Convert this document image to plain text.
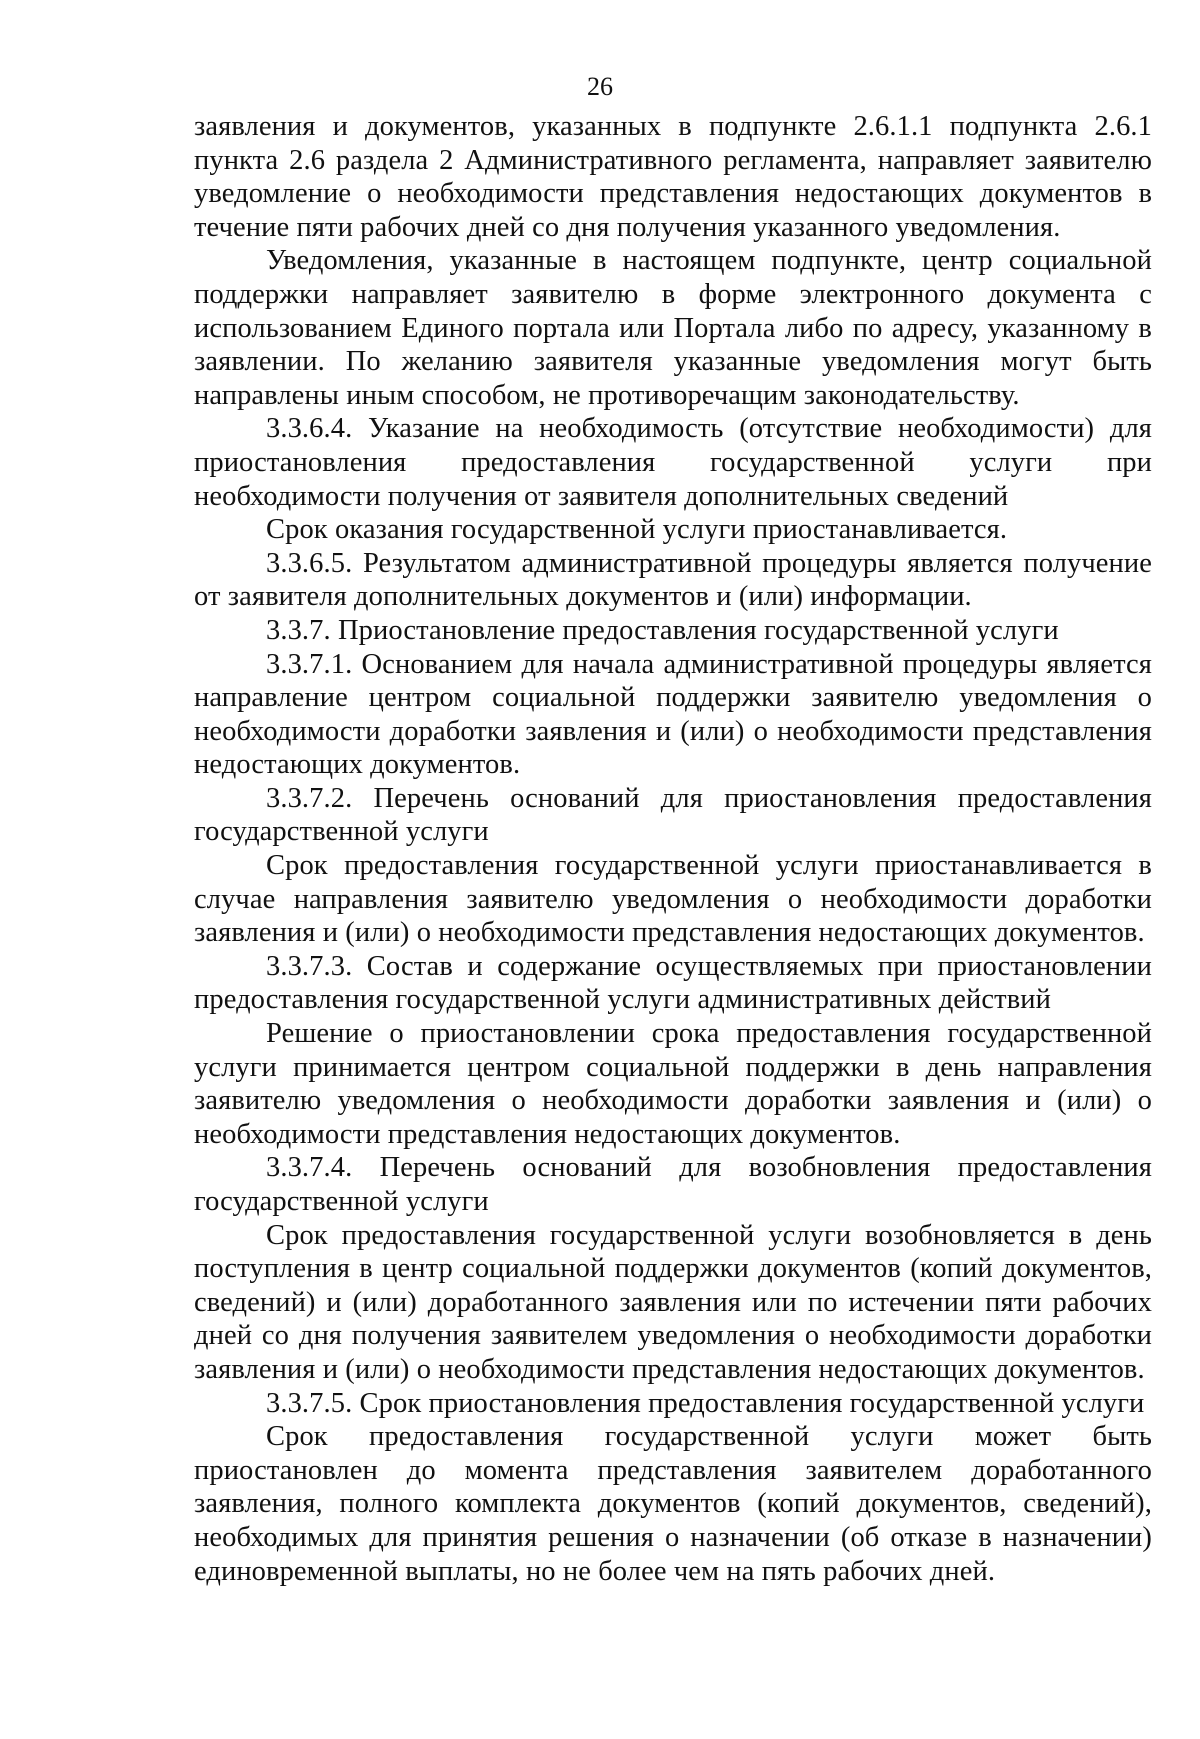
26

заявления и документов, указанных в подпункте 2.6.1.1 подпункта 2.6.1 пункта 2.6 раздела 2 Административного регламента, направляет заявителю уведомление о необходимости представления недостающих документов в течение пяти рабочих дней со дня получения указанного уведомления.

Уведомления, указанные в настоящем подпункте, центр социальной поддержки направляет заявителю в форме электронного документа с использованием Единого портала или Портала либо по адресу, указанному в заявлении. По желанию заявителя указанные уведомления могут быть направлены иным способом, не противоречащим законодательству.

3.3.6.4. Указание на необходимость (отсутствие необходимости) для приостановления предоставления государственной услуги при необходимости получения от заявителя дополнительных сведений

Срок оказания государственной услуги приостанавливается.

3.3.6.5. Результатом административной процедуры является получение от заявителя дополнительных документов и (или) информации.

3.3.7. Приостановление предоставления государственной услуги

3.3.7.1. Основанием для начала административной процедуры является направление центром социальной поддержки заявителю уведомления о необходимости доработки заявления и (или) о необходимости представления недостающих документов.

3.3.7.2. Перечень оснований для приостановления предоставления государственной услуги

Срок предоставления государственной услуги приостанавливается в случае направления заявителю уведомления о необходимости доработки заявления и (или) о необходимости представления недостающих документов.

3.3.7.3. Состав и содержание осуществляемых при приостановлении предоставления государственной услуги административных действий

Решение о приостановлении срока предоставления государственной услуги принимается центром социальной поддержки в день направления заявителю уведомления о необходимости доработки заявления и (или) о необходимости представления недостающих документов.

3.3.7.4. Перечень оснований для возобновления предоставления государственной услуги

Срок предоставления государственной услуги возобновляется в день поступления в центр социальной поддержки документов (копий документов, сведений) и (или) доработанного заявления или по истечении пяти рабочих дней со дня получения заявителем уведомления о необходимости доработки заявления и (или) о необходимости представления недостающих документов.

3.3.7.5. Срок приостановления предоставления государственной услуги

Срок предоставления государственной услуги может быть приостановлен до момента представления заявителем доработанного заявления, полного комплекта документов (копий документов, сведений), необходимых для принятия решения о назначении (об отказе в назначении) единовременной выплаты, но не более чем на пять рабочих дней.
